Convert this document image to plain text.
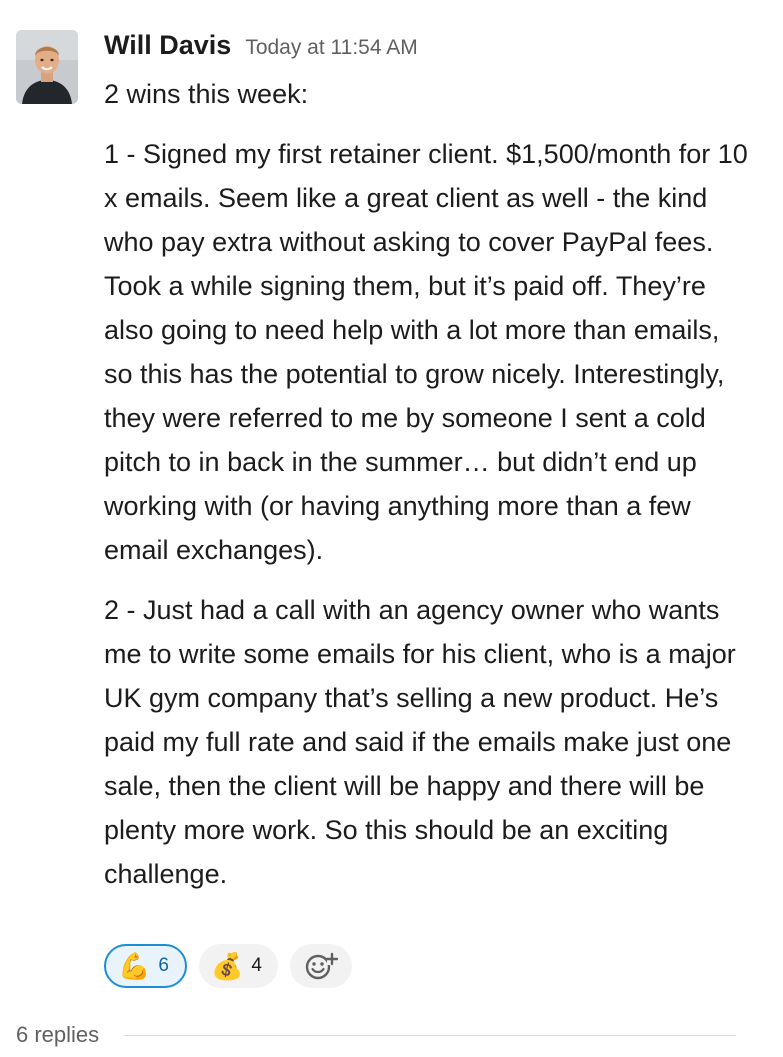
Will Davis Today at 11:54 AM

2 wins this week:

1 - Signed my first retainer client. $1,500/month for 10 x emails. Seem like a great client as well - the kind who pay extra without asking to cover PayPal fees. Took a while signing them, but it’s paid off. They’re also going to need help with a lot more than emails, so this has the potential to grow nicely. Interestingly, they were referred to me by someone I sent a cold pitch to in back in the summer… but didn’t end up working with (or having anything more than a few email exchanges).

2 - Just had a call with an agency owner who wants me to write some emails for his client, who is a major UK gym company that’s selling a new product. He’s paid my full rate and said if the emails make just one sale, then the client will be happy and there will be plenty more work. So this should be an exciting challenge.

💪 6 💰 4
6 replies
